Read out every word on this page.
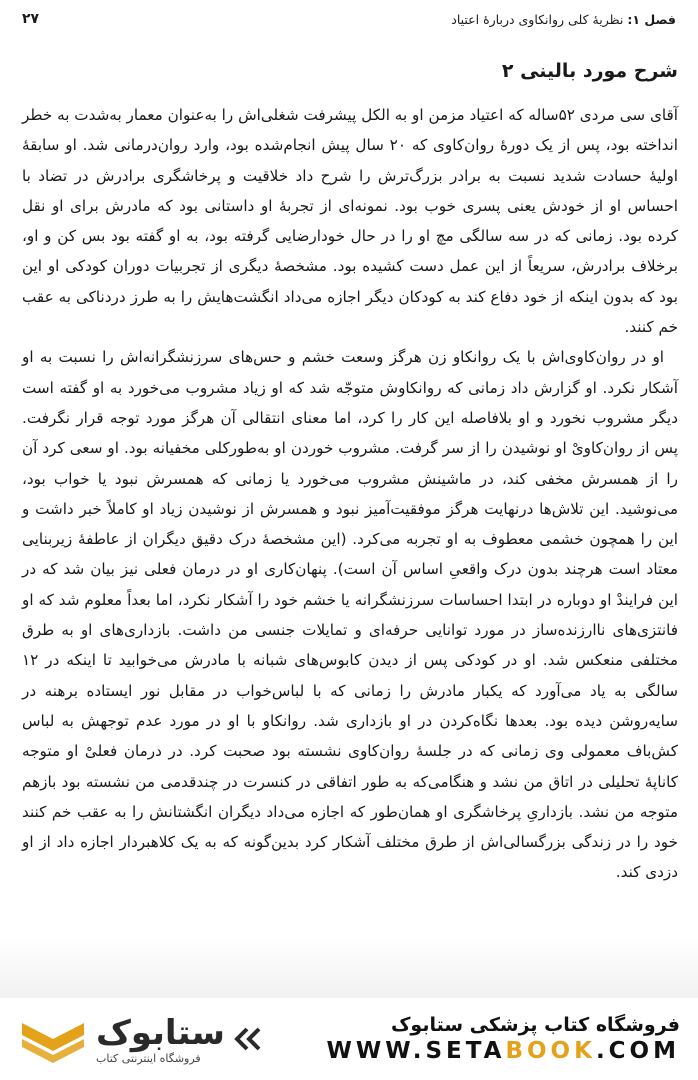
فصل ۱: نظریهٔ کلی روانکاوی دربارهٔ اعتیاد
۲۷
شرح مورد بالینی ۲

آقای سی مردی ۵۲ساله که اعتیاد مزمن او به الکل پیشرفت شغلی‌اش را به‌عنوان معمار به‌شدت به خطر انداخته بود، پس از یک دورهٔ روان‌کاوی که ۲۰ سال پیش انجام‌شده بود، وارد روان‌درمانی شد. او سابقهٔ اولیهٔ حسادت شدید نسبت به برادر بزرگ‌ترش را شرح داد خلاقیت و پرخاشگری برادرش در تضاد با احساس او از خودش یعنی پسری خوب بود. نمونه‌ای از تجربهٔ او داستانی بود که مادرش برای او نقل کرده بود. زمانی که در سه سالگی مچ او را در حال خودارضایی گرفته بود، به او گفته بود بس کن و او، برخلاف برادرش، سریعاً از این عمل دست کشیده بود. مشخصهٔ دیگری از تجربیات دوران کودکی او این بود که بدون اینکه از خود دفاع کند به کودکان دیگر اجازه می‌داد انگشت‌هایش را به طرز دردناکی به عقب خم کنند.

او در روان‌کاوی‌اش با یک روانکاو زن هرگز وسعت خشم و حس‌های سرزنشگرانه‌اش را نسبت به او آشکار نکرد. او گزارش داد زمانی که روانکاوش متوجّه شد که او زیاد مشروب می‌خورد به او گفته است دیگر مشروب نخورد و او بلافاصله این کار را کرد، اما معنای انتقالی آن هرگز مورد توجه قرار نگرفت. پس از روان‌کاویْ او نوشیدن را از سر گرفت. مشروب خوردن او به‌طورکلی مخفیانه بود. او سعی کرد آن را از همسرش مخفی کند، در ماشینش مشروب می‌خورد یا زمانی که همسرش نبود یا خواب بود، می‌نوشید. این تلاش‌ها درنهایت هرگز موفقیت‌آمیز نبود و همسرش از نوشیدن زیاد او کاملاً خبر داشت و این را همچون خشمی معطوف به او تجربه می‌کرد. (این مشخصهٔ درک دقیق دیگران از عاطفهٔ زیربنایی معتاد است هرچند بدون درک واقعیِ اساس آن است). پنهان‌کاری او در درمان فعلی نیز بیان شد که در این فرایندْ او دوباره در ابتدا احساسات سرزنشگرانه یا خشم خود را آشکار نکرد، اما بعداً معلوم شد که او فانتزی‌های ناارزنده‌ساز در مورد توانایی حرفه‌ای و تمایلات جنسی من داشت. بازداری‌های او به طرق مختلفی منعکس شد. او در کودکی پس از دیدن کابوس‌های شبانه با مادرش می‌خوابید تا اینکه در ۱۲ سالگی به یاد می‌آورد که یکبار مادرش را زمانی که با لباس‌خواب در مقابل نور ایستاده برهنه در سایه‌روشن دیده بود. بعدها نگاه‌کردن در او بازداری شد. روانکاو با او در مورد عدم توجهش به لباس کش‌باف معمولی وی زمانی که در جلسهٔ روان‌کاوی نشسته بود صحبت کرد. در درمان فعلیْ او متوجه کاناپهٔ تحلیلی در اتاق من نشد و هنگامی‌که به طور اتفاقی در کنسرت در چندقدمی من نشسته بود بازهم متوجه من نشد. بازداریِ پرخاشگری او همان‌طور که اجازه می‌داد دیگران انگشتانش را به عقب خم کنند خود را در زندگی بزرگسالی‌اش از طرق مختلف آشکار کرد بدین‌گونه که به یک کلاهبردار اجازه داد از او دزدی کند.

ستابوک
فروشگاه اینترنتی کتاب
فروشگاه کتاب پزشکی ستابوک
WWW.SETABOOK.COM
